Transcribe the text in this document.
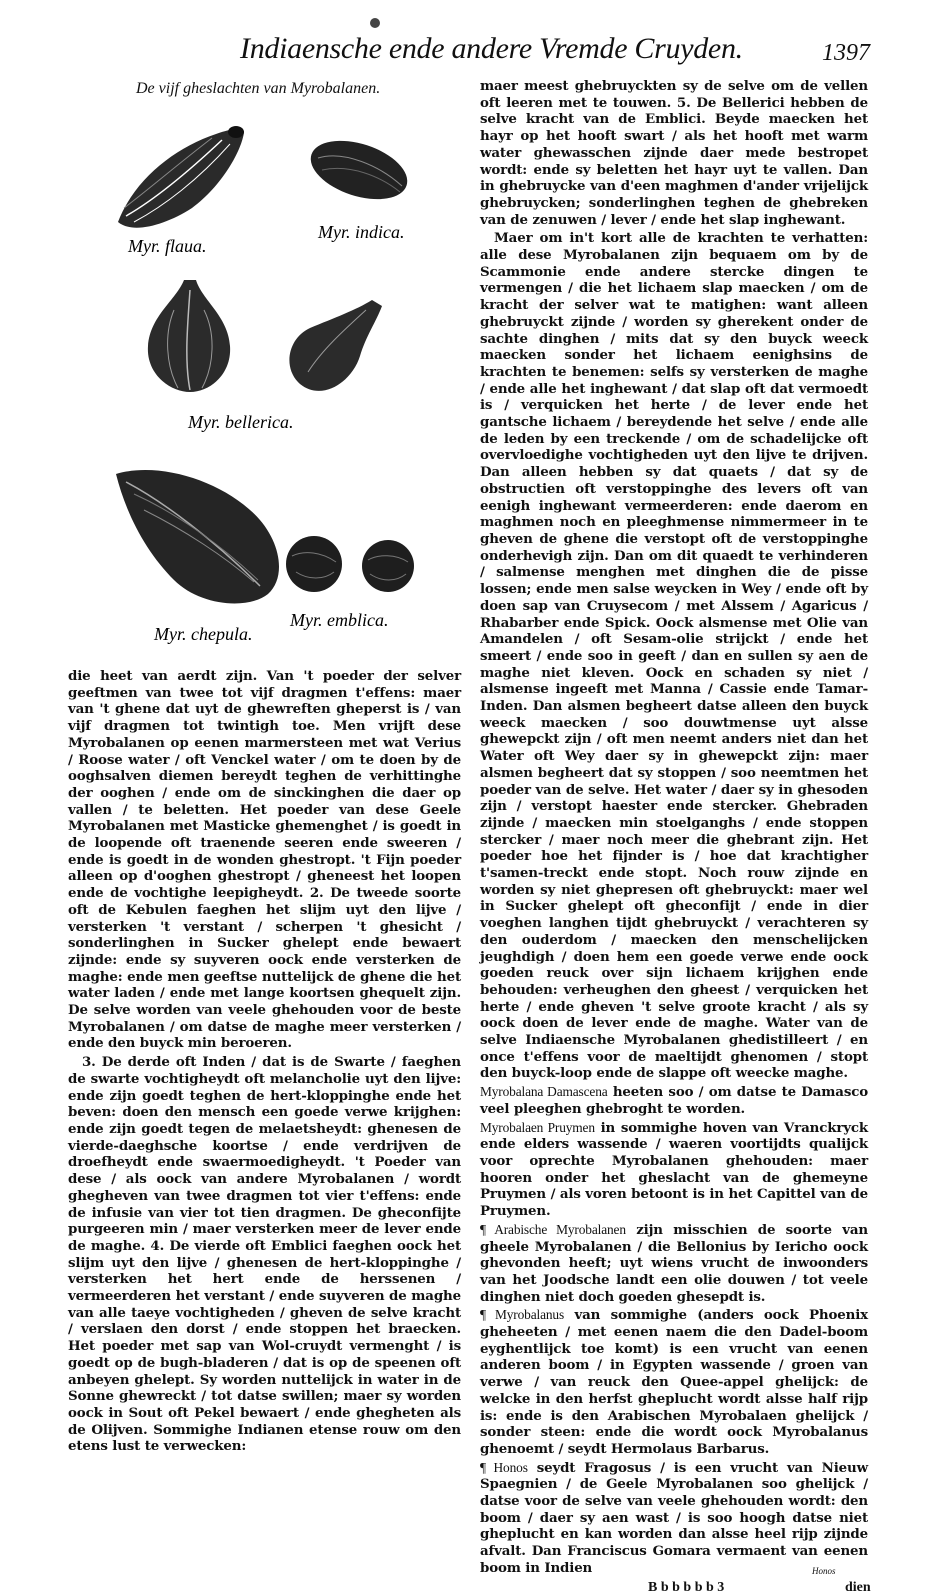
Indiaensche ende andere Vremde Cruyden.	1397
De vijf gheslachten van Myrobalanen.
Myr. flaua.
Myr. indica.
Myr. bellerica.
Myr. chepula.
Myr. emblica.

die heet van aerdt zijn. Van 't poeder der selver geeftmen van twee tot vijf dragmen t'effens: maer van 't ghene dat uyt de ghewreften gheperst is / van vijf dragmen tot twintigh toe. Men vrijft dese Myrobalanen op eenen marmersteen met wat Verius / Roose water / oft Venckel water / om te doen by de ooghsalven diemen bereydt teghen de verhittinghe der ooghen / ende om de sinckinghen die daer op vallen / te beletten. Het poeder van dese Geele Myrobalanen met Masticke ghemenghet / is goedt in de loopende oft traenende seeren ende sweeren / ende is goedt in de wonden ghestropt. 't Fijn poeder alleen op d'ooghen ghestropt / gheneest het loopen ende de vochtighe leepigheydt. 2. De tweede soorte oft de Kebulen faeghen het slijm uyt den lijve / versterken 't verstant / scherpen 't ghesicht / sonderlinghen in Sucker ghelept ende bewaert zijnde: ende sy suyveren oock ende versterken de maghe: ende men geeftse nuttelijck de ghene die het water laden / ende met lange koortsen ghequelt zijn. De selve worden van veele ghehouden voor de beste Myrobalanen / om datse de maghe meer versterken / ende den buyck min beroeren.

3. De derde oft Inden / dat is de Swarte / faeghen de swarte vochtigheydt oft melancholie uyt den lijve: ende zijn goedt teghen de hert-kloppinghe ende het beven: doen den mensch een goede verwe krijghen: ende zijn goedt tegen de melaetsheydt: ghenesen de vierde-daeghsche koortse / ende verdrijven de droefheydt ende swaermoedigheydt. 't Poeder van dese / als oock van andere Myrobalanen / wordt ghegheven van twee dragmen tot vier t'effens: ende de infusie van vier tot tien dragmen. De gheconfijte purgeeren min / maer versterken meer de lever ende de maghe. 4. De vierde oft Emblici faeghen oock het slijm uyt den lijve / ghenesen de hert-kloppinghe / versterken het hert ende de herssenen / vermeerderen het verstant / ende suyveren de maghe van alle taeye vochtigheden / gheven de selve kracht / verslaen den dorst / ende stoppen het braecken. Het poeder met sap van Wol-cruydt vermenght / is goedt op de bugh-bladeren / dat is op de speenen oft anbeyen ghelept. Sy worden nuttelijck in water in de Sonne ghewreckt / tot datse swillen; maer sy worden oock in Sout oft Pekel bewaert / ende ghegheten als de Olijven. Sommighe Indianen etense rouw om den etens lust te verwecken:

maer meest ghebruyckten sy de selve om de vellen oft leeren met te touwen. 5. De Bellerici hebben de selve kracht van de Emblici. Beyde maecken het hayr op het hooft swart / als het hooft met warm water ghewasschen zijnde daer mede bestropet wordt: ende sy beletten het hayr uyt te vallen. Dan in ghebruycke van d'een maghmen d'ander vrijelijck ghebruycken; sonderlinghen teghen de ghebreken van de zenuwen / lever / ende het slap inghewant.

Maer om in't kort alle de krachten te verhatten: alle dese Myrobalanen zijn bequaem om by de Scammonie ende andere stercke dingen te vermengen / die het lichaem slap maecken / om de kracht der selver wat te matighen: want alleen ghebruyckt zijnde / worden sy gherekent onder de sachte dinghen / mits dat sy den buyck weeck maecken sonder het lichaem eenighsins de krachten te benemen: selfs sy versterken de maghe / ende alle het inghewant / dat slap oft dat vermoedt is / verquicken het herte / de lever ende het gantsche lichaem / bereydende het selve / ende alle de leden by een treckende / om de schadelijcke oft overvloedighe vochtigheden uyt den lijve te drijven. Dan alleen hebben sy dat quaets / dat sy de obstructien oft verstoppinghe des levers oft van eenigh inghewant vermeerderen: ende daerom en maghmen noch en pleeghmense nimmermeer in te gheven de ghene die verstopt oft de verstoppinghe onderhevigh zijn. Dan om dit quaedt te verhinderen / salmense menghen met dinghen die de pisse lossen; ende men salse weycken in Wey / ende oft by doen sap van Cruysecom / met Alssem / Agaricus / Rhabarber ende Spick. Oock alsmense met Olie van Amandelen / oft Sesam-olie strijckt / ende het smeert / ende soo in geeft / dan en sullen sy aen de maghe niet kleven. Oock en schaden sy niet / alsmense ingeeft met Manna / Cassie ende Tamar-Inden. Dan alsmen begheert datse alleen den buyck weeck maecken / soo douwtmense uyt alsse ghewepckt zijn / oft men neemt anders niet dan het Water oft Wey daer sy in ghewepckt zijn: maer alsmen begheert dat sy stoppen / soo neemtmen het poeder van de selve. Het water / daer sy in ghesoden zijn / verstopt haester ende stercker. Ghebraden zijnde / maecken min stoelganghs / ende stoppen stercker / maer noch meer die ghebrant zijn. Het poeder hoe het fijnder is / hoe dat krachtigher t'samen-treckt ende stopt. Noch rouw zijnde en worden sy niet ghepresen oft ghebruyckt: maer wel in Sucker ghelept oft gheconfijt / ende in dier voeghen langhen tijdt ghebruyckt / verachteren sy den ouderdom / maecken den menschelijcken jeughdigh / doen hem een goede verwe ende oock goeden reuck over sijn lichaem krijghen ende behouden: verheughen den gheest / verquicken het herte / ende gheven 't selve groote kracht / als sy oock doen de lever ende de maghe. Water van de selve Indiaensche Myrobalanen ghedistilleert / en once t'effens voor de maeltijdt ghenomen / stopt den buyck-loop ende de slappe oft weecke maghe.

Myrobalana Damascena heeten soo / om datse te Damasco veel pleeghen ghebroght te worden.

Myrobalaen Pruymen in sommighe hoven van Vranckryck ende elders wassende / waeren voortijdts qualijck voor oprechte Myrobalanen ghehouden: maer hooren onder het gheslacht van de ghemeyne Pruymen / als voren betoont is in het Capittel van de Pruymen.

¶ Arabische Myrobalanen zijn misschien de soorte van gheele Myrobalanen / die Bellonius by Iericho oock ghevonden heeft; uyt wiens vrucht de inwoonders van het Joodsche landt een olie douwen / tot veele dinghen niet doch goeden ghesepdt is.

¶ Myrobalanus van sommighe (anders oock Phoenix gheheeten / met eenen naem die den Dadel-boom eyghentlijck toe komt) is een vrucht van eenen anderen boom / in Egypten wassende / groen van verwe / van reuck den Quee-appel ghelijck: de welcke in den herfst gheplucht wordt alsse half rijp is: ende is den Arabischen Myrobalaen ghelijck / sonder steen: ende die wordt oock Myrobalanus ghenoemt / seydt Hermolaus Barbarus.

¶ Honos seydt Fragosus / is een vrucht van Nieuw Spaegnien / de Geele Myrobalanen soo ghelijck / datse voor de selve van veele ghehouden wordt: den boom / daer sy aen wast / is soo hoogh datse niet gheplucht en kan worden dan alsse heel rijp zijnde afvalt. Dan Franciscus Gomara vermaent van eenen boom in Indien	Honos
B b b b b b 3	dien
